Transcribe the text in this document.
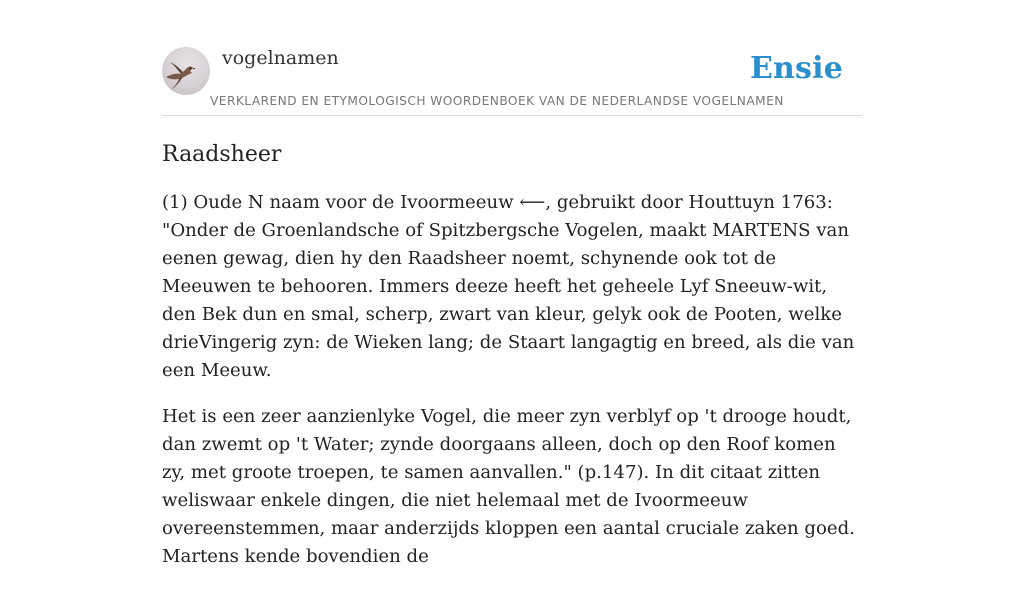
vogelnamen	Ensie
VERKLAREND EN ETYMOLOGISCH WOORDENBOEK VAN DE NEDERLANDSE VOGELNAMEN
Raadsheer

(1) Oude N naam voor de Ivoormeeuw ⟵, gebruikt door Houttuyn 1763: "Onder de Groenlandsche of Spitzbergsche Vogelen, maakt MARTENS van eenen gewag, dien hy den Raadsheer noemt, schynende ook tot de Meeuwen te behooren. Immers deeze heeft het geheele Lyf Sneeuw-wit, den Bek dun en smal, scherp, zwart van kleur, gelyk ook de Pooten, welke drieVingerig zyn: de Wieken lang; de Staart langagtig en breed, als die van een Meeuw.

Het is een zeer aanzienlyke Vogel, die meer zyn verblyf op 't drooge houdt, dan zwemt op 't Water; zynde doorgaans alleen, doch op den Roof komen zy, met groote troepen, te samen aanvallen." (p.147). In dit citaat zitten weliswaar enkele dingen, die niet helemaal met de Ivoormeeuw overeenstemmen, maar anderzijds kloppen een aantal cruciale zaken goed. Martens kende bovendien de
